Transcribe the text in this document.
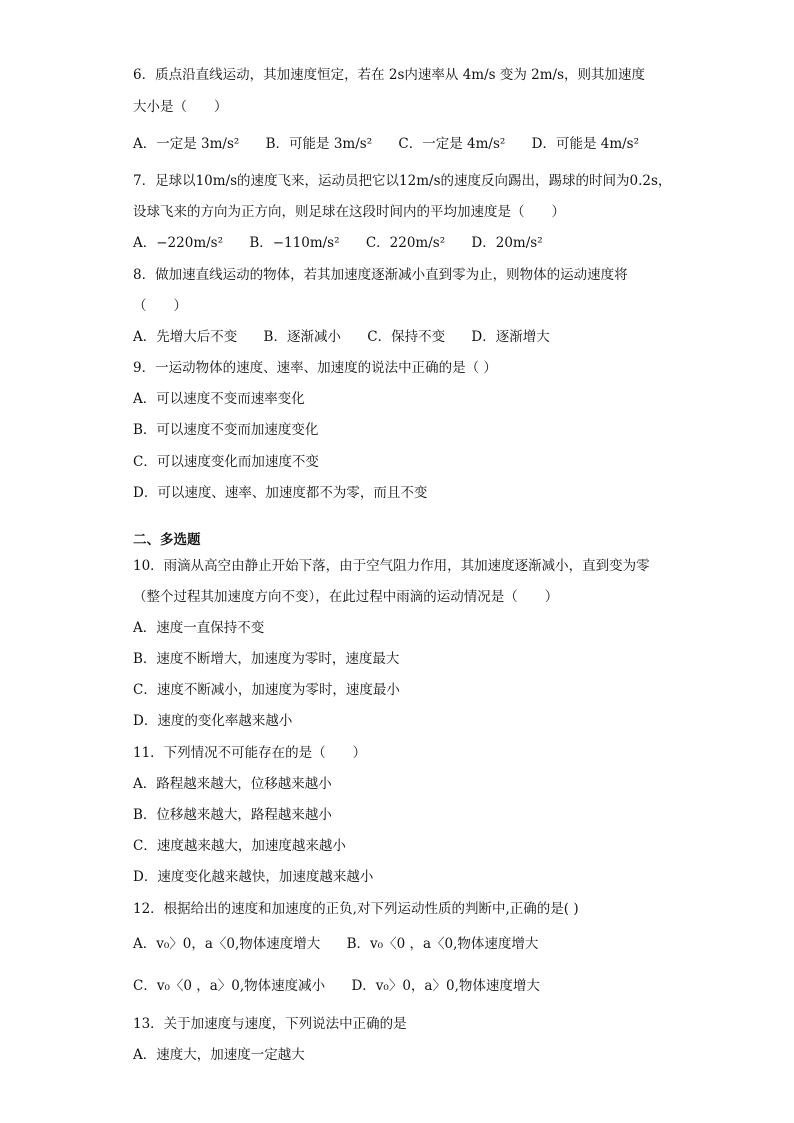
6．质点沿直线运动，其加速度恒定，若在 2s内速率从 4m/s 变为 2m/s，则其加速度
大小是（　　）
A．一定是 3m/s² B．可能是 3m/s² C．一定是 4m/s² D．可能是 4m/s²
7．足球以10m/s的速度飞来，运动员把它以12m/s的速度反向踢出，踢球的时间为0.2s，
设球飞来的方向为正方向，则足球在这段时间内的平均加速度是（　　）
A．−220m/s² B．−110m/s² C．220m/s² D．20m/s²
8．做加速直线运动的物体，若其加速度逐渐减小直到零为止，则物体的运动速度将
（　　）
A．先增大后不变 B．逐渐减小 C．保持不变 D．逐渐增大
9．一运动物体的速度、速率、加速度的说法中正确的是（ ）
A．可以速度不变而速率变化
B．可以速度不变而加速度变化
C．可以速度变化而加速度不变
D．可以速度、速率、加速度都不为零，而且不变
二、多选题
10．雨滴从高空由静止开始下落，由于空气阻力作用，其加速度逐渐减小，直到变为零
（整个过程其加速度方向不变），在此过程中雨滴的运动情况是（　　）
A．速度一直保持不变
B．速度不断增大，加速度为零时，速度最大
C．速度不断减小，加速度为零时，速度最小
D．速度的变化率越来越小
11．下列情况不可能存在的是（　　）
A．路程越来越大，位移越来越小
B．位移越来越大，路程越来越小
C．速度越来越大，加速度越来越小
D．速度变化越来越快，加速度越来越小
12．根据给出的速度和加速度的正负,对下列运动性质的判断中,正确的是( )
A．v₀〉0，a〈0,物体速度增大 B．v₀〈0 ，a〈0,物体速度增大
C．v₀〈0 ，a〉0,物体速度减小 D．v₀〉0，a〉0,物体速度增大
13．关于加速度与速度，下列说法中正确的是
A．速度大，加速度一定越大
